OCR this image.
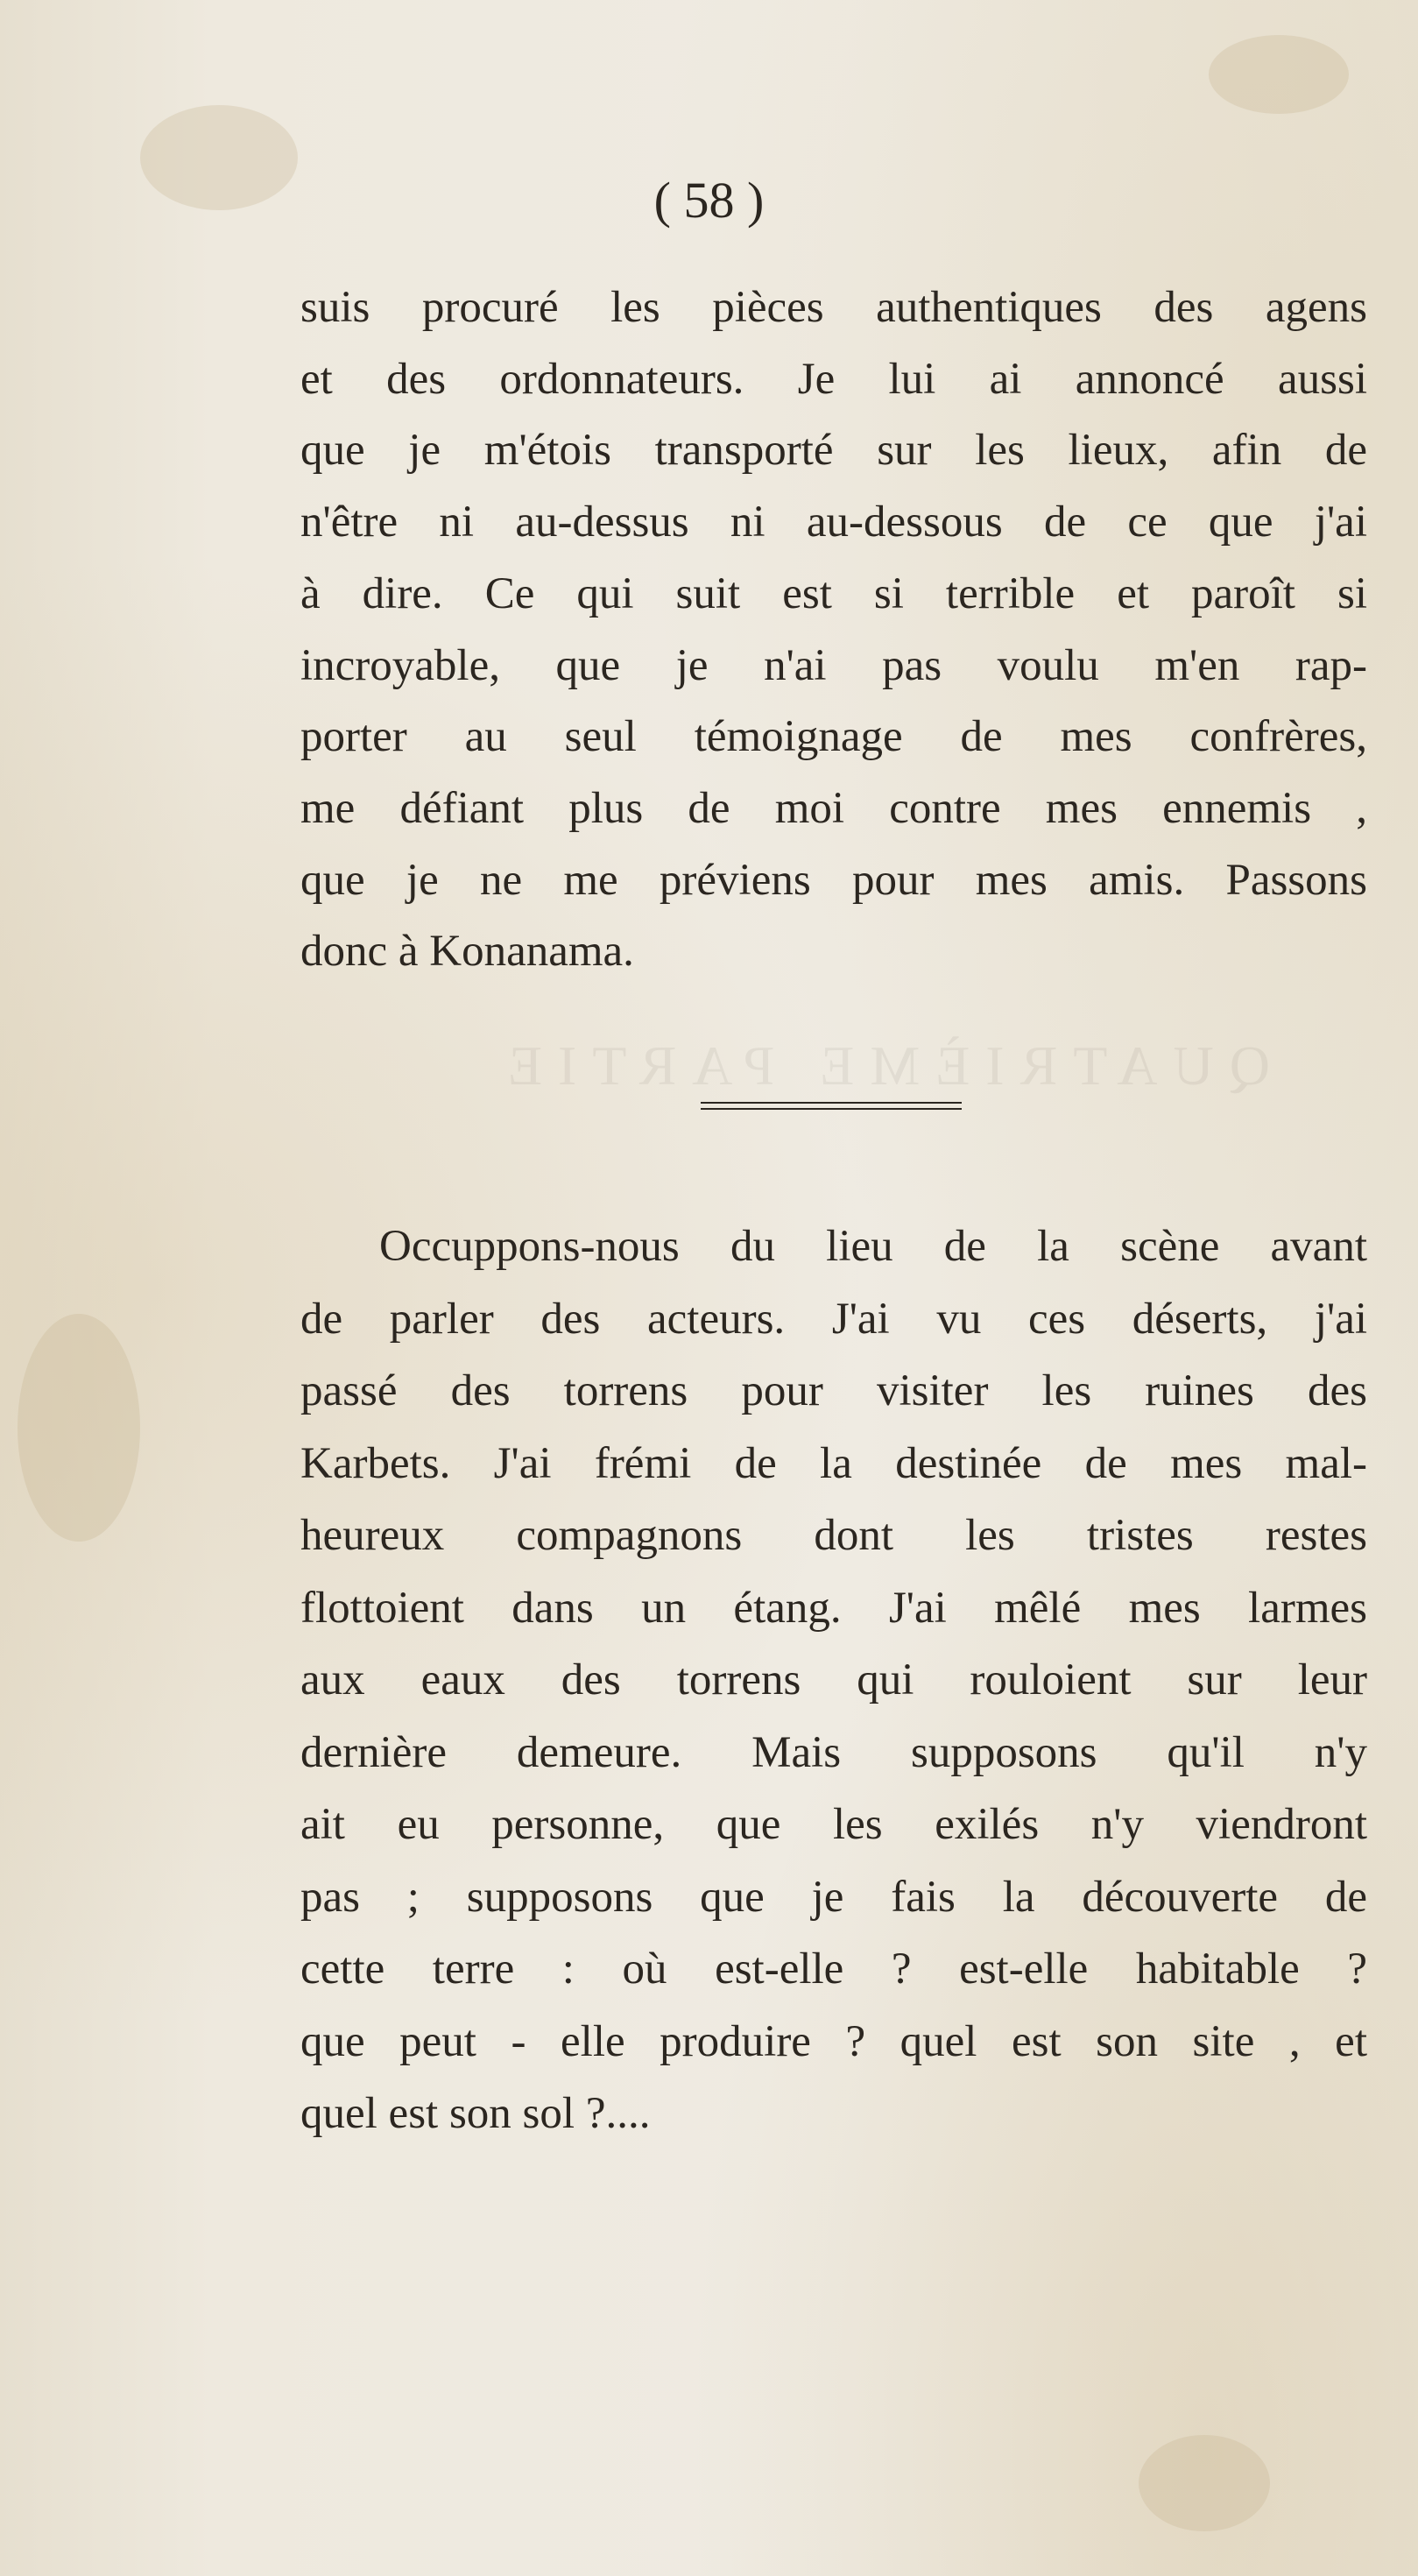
QUATRIÈME PARTIE
( 58 )

suis procuré les pièces authentiques des agens
et des ordonnateurs. Je lui ai annoncé aussi
que je m'étois transporté sur les lieux, afin de
n'être ni au-dessus ni au-dessous de ce que j'ai
à dire. Ce qui suit est si terrible et paroît si
incroyable, que je n'ai pas voulu m'en rap-
porter au seul témoignage de mes confrères,
me défiant plus de moi contre mes ennemis ,
que je ne me préviens pour mes amis. Passons
donc à Konanama.

Occuppons-nous du lieu de la scène avant
de parler des acteurs. J'ai vu ces déserts, j'ai
passé des torrens pour visiter les ruines des
Karbets. J'ai frémi de la destinée de mes mal-
heureux compagnons dont les tristes restes
flottoient dans un étang. J'ai mêlé mes larmes
aux eaux des torrens qui rouloient sur leur
dernière demeure. Mais supposons qu'il n'y
ait eu personne, que les exilés n'y viendront
pas ; supposons que je fais la découverte de
cette terre : où est-elle ? est-elle habitable ?
que peut - elle produire ? quel est son site , et
quel est son sol ?....
